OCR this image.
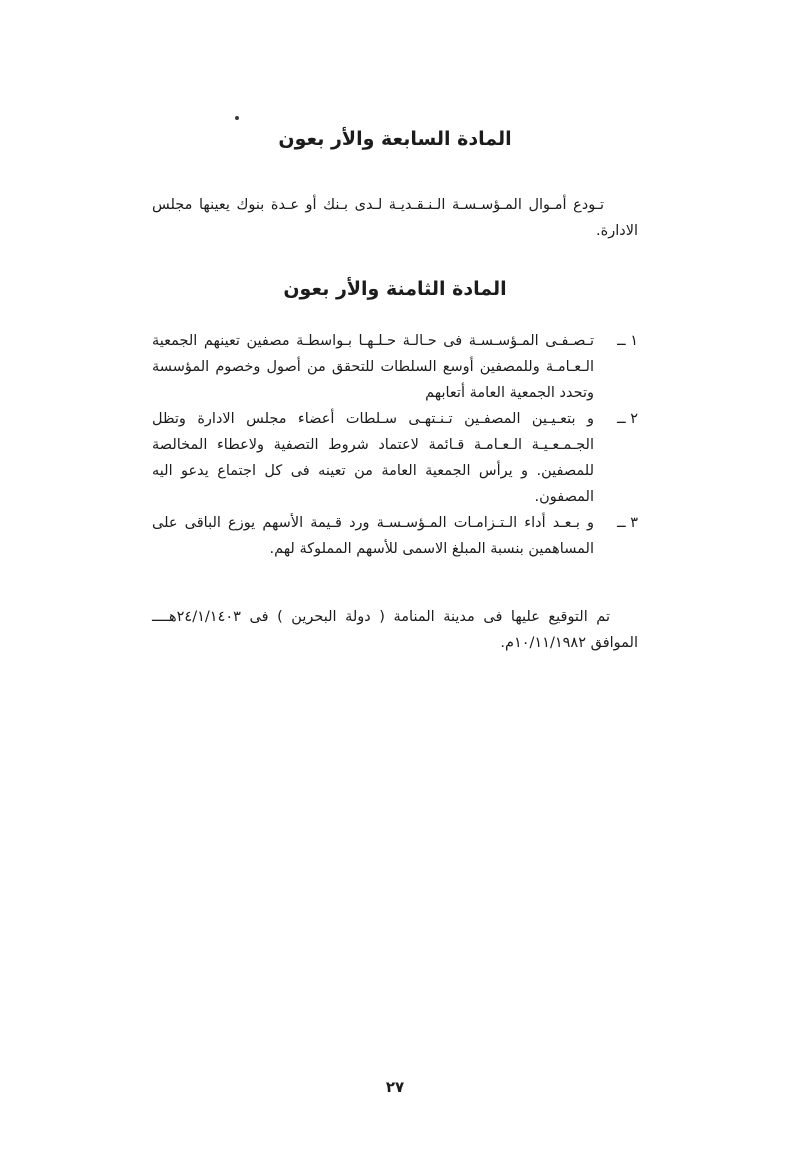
المادة السابعة والأر بعون

تـودع أمـوال المـؤسـسـة الـنـقـديـة لـدى بـنك أو عـدة بنوك يعينها مجلس الادارة.

المادة الثامنة والأر بعون
١ ــ
تـصـفـى المـؤسـسـة فى حـالـة حـلـهـا بـواسطـة مصفين تعينهم الجمعية الـعـامـة وللمصفين أوسع السلطات للتحقق من أصول وخصوم المؤسسة وتحدد الجمعية العامة أتعابهم
٢ ــ
و بتعـيـين المصفـين تـنـتهـى سـلطات أعضاء مجلس الادارة وتظل الجـمـعـيـة الـعـامـة قـائمة لاعتماد شروط التصفية ولاعطاء المخالصة للمصفين. و يرأس الجمعية العامة من تعينه فى كل اجتماع يدعو اليه المصفون.
٣ ــ
و بـعـد أداء الـتـزامـات المـؤسـسـة ورد قـيمة الأسهم يوزع الباقى على المساهمين بنسبة المبلغ الاسمى للأسهم المملوكة لهم.

تم التوقيع عليها فى مدينة المنامة ( دولة البحرين ) فى ٢٤/١/١٤٠٣هــــ الموافق ١٠/١١/١٩٨٢م.

٢٧
